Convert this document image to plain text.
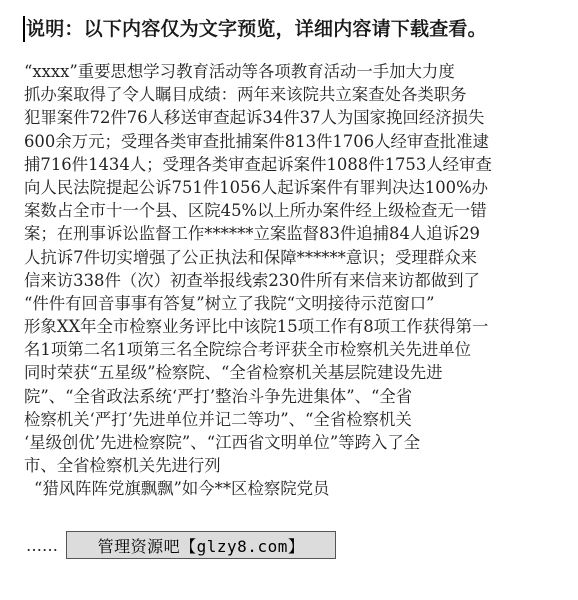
说明：以下内容仅为文字预览，详细内容请下载查看。
“xxxx”重要思想学习教育活动等各项教育活动一手加大力度
抓办案取得了令人瞩目成绩：两年来该院共立案查处各类职务
犯罪案件72件76人移送审查起诉34件37人为国家挽回经济损失
600余万元；受理各类审查批捕案件813件1706人经审查批准逮
捕716件1434人；受理各类审查起诉案件1088件1753人经审查
向人民法院提起公诉751件1056人起诉案件有罪判决达100%办
案数占全市十一个县、区院45%以上所办案件经上级检查无一错
案；在刑事诉讼监督工作******立案监督83件追捕84人追诉29
人抗诉7件切实增强了公正执法和保障******意识；受理群众来
信来访338件（次）初查举报线索230件所有来信来访都做到了
“件件有回音事事有答复”树立了我院“文明接待示范窗口”
形象XX年全市检察业务评比中该院15项工作有8项工作获得第一
名1项第二名1项第三名全院综合考评获全市检察机关先进单位
同时荣获“五星级”检察院、“全省检察机关基层院建设先进
院”、“全省政法系统‘严打’整治斗争先进集体”、“全省
检察机关‘严打’先进单位并记二等功”、“全省检察机关
‘星级创优’先进检察院”、“江西省文明单位”等跨入了全
市、全省检察机关先进行列
“猎风阵阵党旗飘飘”如今**区检察院党员
……	管理资源吧【glzy8.com】
